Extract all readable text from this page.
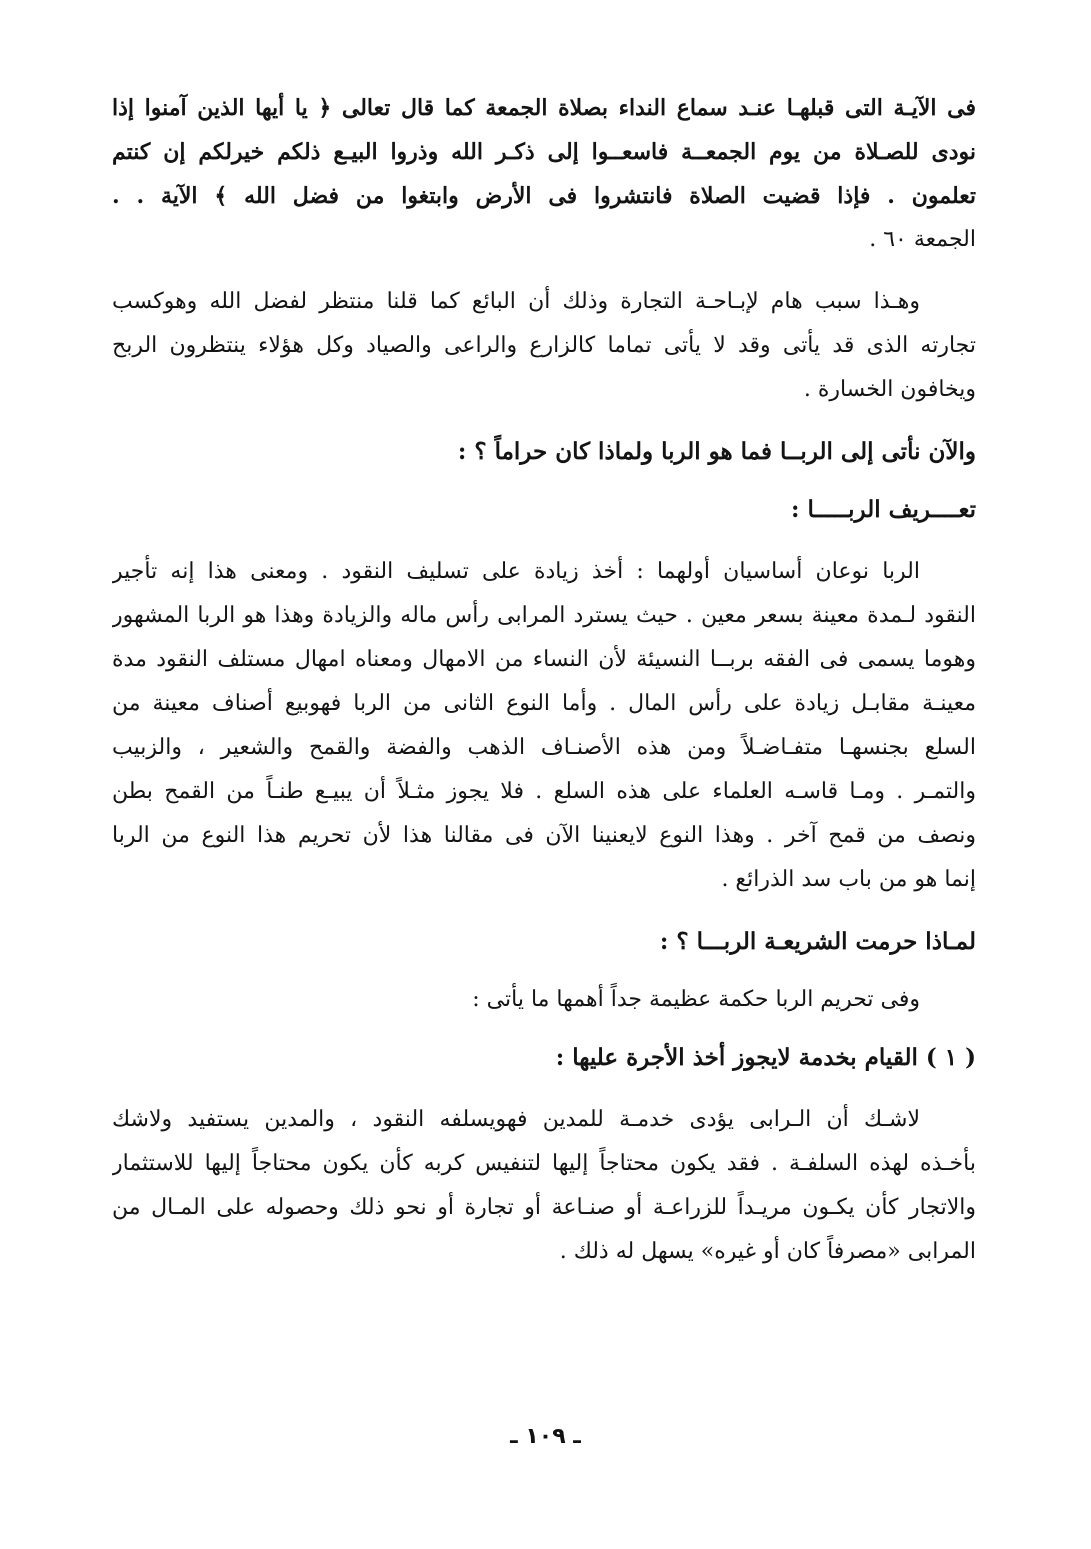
فى الآيـة التى قبلهـا عنـد سماع النداء بصلاة الجمعة كما قال تعالى ﴿ يا أيها الذين آمنوا إذا
نودى للصـلاة من يوم الجمعــة فاسعــوا إلى ذكـر الله وذروا البيـع ذلكم خيرلكم إن كنتم
تعلمون . فإذا قضيت الصلاة فانتشروا فى الأرض وابتغوا من فضل الله ﴾ الآية . .
الجمعة ٦٠ .
وهـذا سبب هام لإبـاحـة التجارة وذلك أن البائع كما قلنا منتظر لفضل الله وهوكسب
تجارته الذى قد يأتى وقد لا يأتى تماما كالزارع والراعى والصياد وكل هؤلاء ينتظرون الربح
ويخافون الخسارة .
والآن نأتى إلى الربــا فما هو الربا ولماذا كان حراماً ؟ :
تعــــريف الربـــــا :
الربا نوعان أساسيان أولهما : أخذ زيادة على تسليف النقود . ومعنى هذا إنه تأجير
النقود لـمدة معينة بسعر معين . حيث يسترد المرابى رأس ماله والزيادة وهذا هو الربا المشهور
وهوما يسمى فى الفقه بربــا النسيئة لأن النساء من الامهال ومعناه امهال مستلف النقود مدة
معينـة مقابـل زيادة على رأس المال . وأما النوع الثانى من الربا فهوبيع أصناف معينة من
السلع بجنسهـا متفـاضـلاً ومن هذه الأصنـاف الذهب والفضة والقمح والشعير ، والزبيب
والتمـر . ومـا قاسـه العلماء على هذه السلع . فلا يجوز مثـلاً أن يبيـع طنـاً من القمح بطن
ونصف من قمح آخر . وهذا النوع لايعنينا الآن فى مقالنا هذا لأن تحريم هذا النوع من الربا
إنما هو من باب سد الذرائع .
لمـاذا حرمت الشريعـة الربـــا ؟ :
وفى تحريم الربا حكمة عظيمة جداً أهمها ما يأتى :
( ١ ) القيام بخدمة لايجوز أخذ الأجرة عليها :
لاشـك أن الـرابى يؤدى خدمـة للمدين فهويسلفه النقود ، والمدين يستفيد ولاشك
بأخـذه لهذه السلفـة . فقد يكون محتاجاً إليها لتنفيس كربه كأن يكون محتاجاً إليها للاستثمار
والاتجار كأن يكـون مريـداً للزراعـة أو صنـاعة أو تجارة أو نحو ذلك وحصوله على المـال من
المرابى «مصرفاً كان أو غيره» يسهل له ذلك .
ـ ١٠٩ ـ
